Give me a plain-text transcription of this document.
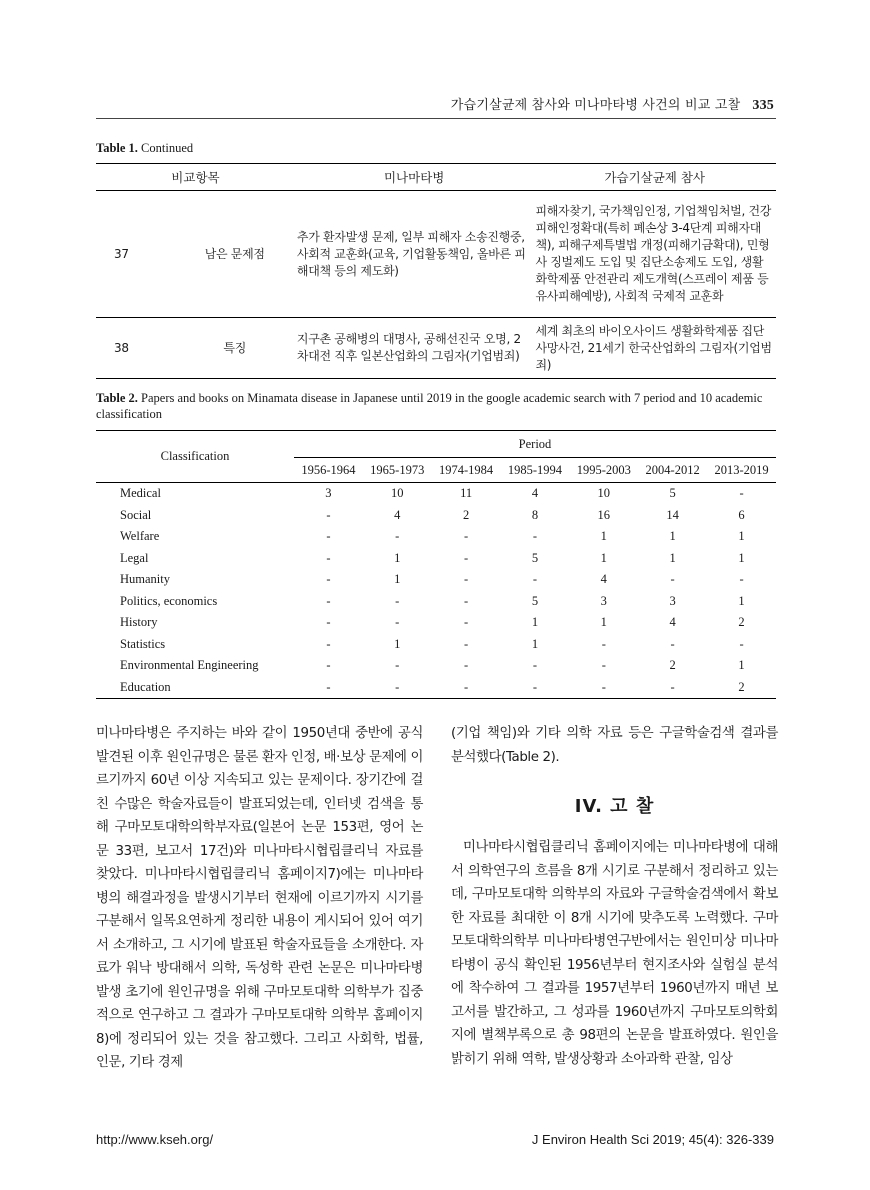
가습기살균제 참사와 미나마타병 사건의 비교 고찰 335
Table 1. Continued
비교항목		미나마타병	가습기살균제 참사
37	남은 문제점	추가 환자발생 문제, 일부 피해자 소송진행중, 사회적 교훈화(교육, 기업활동책임, 올바른 피해대책 등의 제도화)	피해자찾기, 국가책임인정, 기업책임처벌, 건강피해인정확대(특히 폐손상 3-4단계 피해자대책), 피해구제특별법 개정(피해기금확대), 민형사 징벌제도 도입 및 집단소송제도 도입, 생활화학제품 안전관리 제도개혁(스프레이 제품 등 유사피해예방), 사회적 국제적 교훈화
38	특징	지구촌 공해병의 대명사, 공해선진국 오명, 2차대전 직후 일본산업화의 그림자(기업범죄)	세계 최초의 바이오사이드 생활화학제품 집단사망사건, 21세기 한국산업화의 그림자(기업범죄)
Table 2. Papers and books on Minamata disease in Japanese until 2019 in the google academic search with 7 period and 10 academic classification
Classification	Period						
	1956-1964	1965-1973	1974-1984	1985-1994	1995-2003	2004-2012	2013-2019
Medical	3	10	11	4	10	5	-
Social	-	4	2	8	16	14	6
Welfare	-	-	-	-	1	1	1
Legal	-	1	-	5	1	1	1
Humanity	-	1	-	-	4	-	-
Politics, economics	-	-	-	5	3	3	1
History	-	-	-	1	1	4	2
Statistics	-	1	-	1	-	-	-
Environmental Engineering	-	-	-	-	-	2	1
Education	-	-	-	-	-	-	2
미나마타병은 주지하는 바와 같이 1950년대 중반에 공식 발견된 이후 원인규명은 물론 환자 인정, 배·보상 문제에 이르기까지 60년 이상 지속되고 있는 문제이다. 장기간에 걸친 수많은 학술자료들이 발표되었는데, 인터넷 검색을 통해 구마모토대학의학부자료(일본어 논문 153편, 영어 논문 33편, 보고서 17건)와 미나마타시협립클리닉 자료를 찾았다. 미나마타시협립클리닉 홈페이지7)에는 미나마타병의 해결과정을 발생시기부터 현재에 이르기까지 시기를 구분해서 일목요연하게 정리한 내용이 게시되어 있어 여기서 소개하고, 그 시기에 발표된 학술자료들을 소개한다. 자료가 워낙 방대해서 의학, 독성학 관련 논문은 미나마타병 발생 초기에 원인규명을 위해 구마모토대학 의학부가 집중적으로 연구하고 그 결과가 구마모토대학 의학부 홈페이지8)에 정리되어 있는 것을 참고했다. 그리고 사회학, 법률, 인문, 기타 경제
(기업 책임)와 기타 의학 자료 등은 구글학술검색 결과를 분석했다(Table 2).
IV. 고 찰
미나마타시협립클리닉 홈페이지에는 미나마타병에 대해서 의학연구의 흐름을 8개 시기로 구분해서 정리하고 있는데, 구마모토대학 의학부의 자료와 구글학술검색에서 확보한 자료를 최대한 이 8개 시기에 맞추도록 노력했다. 구마모토대학의학부 미나마타병연구반에서는 원인미상 미나마타병이 공식 확인된 1956년부터 현지조사와 실험실 분석에 착수하여 그 결과를 1957년부터 1960년까지 매년 보고서를 발간하고, 그 성과를 1960년까지 구마모토의학회지에 별책부록으로 총 98편의 논문을 발표하였다. 원인을 밝히기 위해 역학, 발생상황과 소아과학 관찰, 임상
http://www.kseh.org/	J Environ Health Sci 2019; 45(4): 326-339
